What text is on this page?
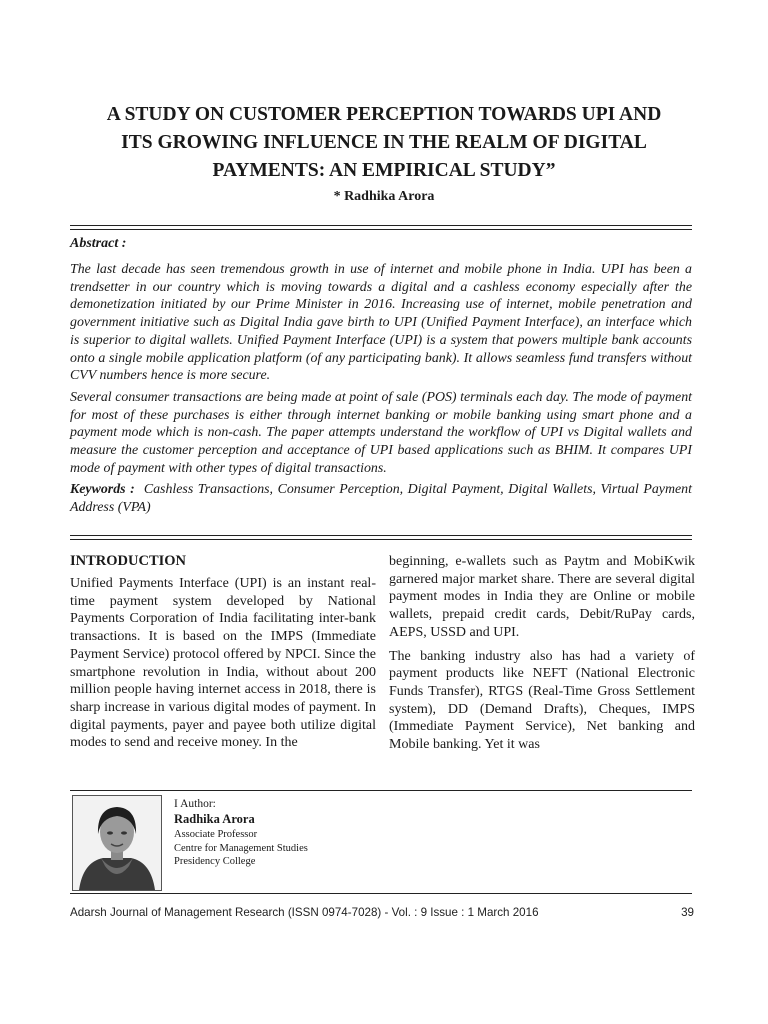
A STUDY ON CUSTOMER PERCEPTION TOWARDS UPI AND
ITS GROWING INFLUENCE IN THE REALM OF DIGITAL
PAYMENTS: AN EMPIRICAL STUDY”
* Radhika Arora
Abstract :

The last decade has seen tremendous growth in use of internet and mobile phone in India. UPI has been a trendsetter in our country which is moving towards a digital and a cashless economy especially after the demonetization initiated by our Prime Minister in 2016. Increasing use of internet, mobile penetration and government initiative such as Digital India gave birth to UPI (Unified Payment Interface), an interface which is superior to digital wallets. Unified Payment Interface (UPI) is a system that powers multiple bank accounts onto a single mobile application platform (of any participating bank). It allows seamless fund transfers without CVV numbers hence is more secure.

Several consumer transactions are being made at point of sale (POS) terminals each day. The mode of payment for most of these purchases is either through internet banking or mobile banking using smart phone and a payment mode which is non-cash. The paper attempts understand the workflow of UPI vs Digital wallets and measure the customer perception and acceptance of UPI based applications such as BHIM. It compares UPI mode of payment with other types of digital transactions.

Keywords : Cashless Transactions, Consumer Perception, Digital Payment, Digital Wallets, Virtual Payment Address (VPA)

INTRODUCTION

Unified Payments Interface (UPI) is an instant real-time payment system developed by National Payments Corporation of India facilitating inter-bank transactions. It is based on the IMPS (Immediate Payment Service) protocol offered by NPCI. Since the smartphone revolution in India, without about 200 million people having internet access in 2018, there is sharp increase in various digital modes of payment. In digital payments, payer and payee both utilize digital modes to send and receive money. In the

beginning, e-wallets such as Paytm and MobiKwik garnered major market share. There are several digital payment modes in India they are Online or mobile wallets, prepaid credit cards, Debit/RuPay cards, AEPS, USSD and UPI.

The banking industry also has had a variety of payment products like NEFT (National Electronic Funds Transfer), RTGS (Real-Time Gross Settlement system), DD (Demand Drafts), Cheques, IMPS (Immediate Payment Service), Net banking and Mobile banking. Yet it was

I Author:
Radhika Arora
Associate Professor
Centre for Management Studies
Presidency College
Adarsh Journal of Management Research (ISSN 0974-7028) - Vol. : 9 Issue : 1 March 2016	39
